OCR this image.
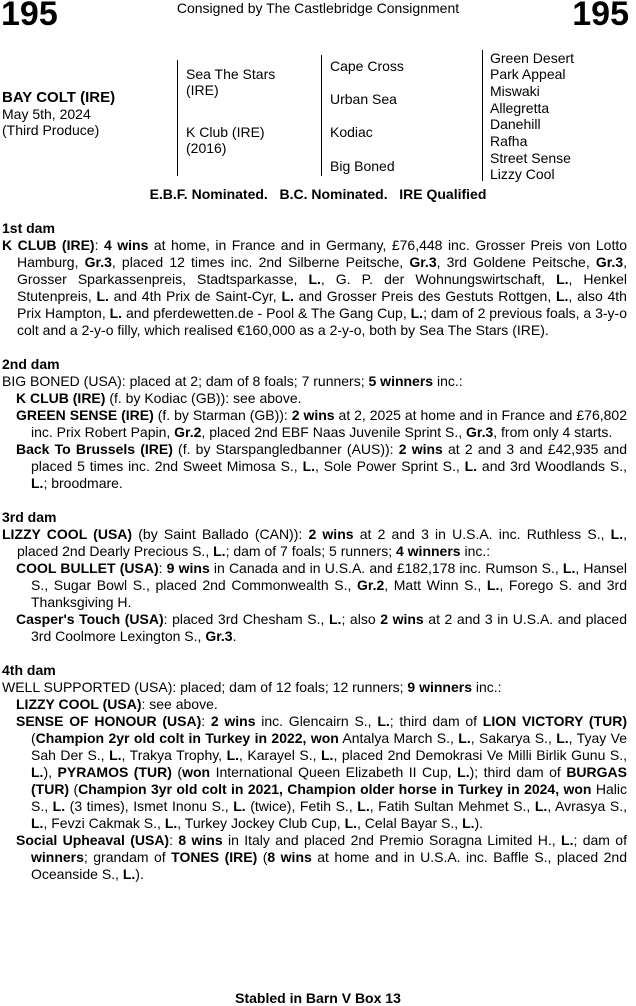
195	Consigned by The Castlebridge Consignment	195
BAY COLT (IRE)
May 5th, 2024
(Third Produce)
Sea The Stars
(IRE)
K Club (IRE)
(2016)
Cape Cross
Urban Sea
Kodiac
Big Boned
Green Desert
Park Appeal
Miswaki
Allegretta
Danehill
Rafha
Street Sense
Lizzy Cool
E.B.F. Nominated.   B.C. Nominated.   IRE Qualified
1st dam
K CLUB (IRE): 4 wins at home, in France and in Germany, £76,448 inc. Grosser Preis von Lotto Hamburg, Gr.3, placed 12 times inc. 2nd Silberne Peitsche, Gr.3, 3rd Goldene Peitsche, Gr.3, Grosser Sparkassenpreis, Stadtsparkasse, L., G. P. der Wohnungswirtschaft, L., Henkel Stutenpreis, L. and 4th Prix de Saint-Cyr, L. and Grosser Preis des Gestuts Rottgen, L., also 4th Prix Hampton, L. and pferdewetten.de - Pool & The Gang Cup, L.; dam of 2 previous foals, a 3-y-o colt and a 2-y-o filly, which realised €160,000 as a 2-y-o, both by Sea The Stars (IRE).
2nd dam
BIG BONED (USA): placed at 2; dam of 8 foals; 7 runners; 5 winners inc.:
K CLUB (IRE) (f. by Kodiac (GB)): see above.
GREEN SENSE (IRE) (f. by Starman (GB)): 2 wins at 2, 2025 at home and in France and £76,802 inc. Prix Robert Papin, Gr.2, placed 2nd EBF Naas Juvenile Sprint S., Gr.3, from only 4 starts.
Back To Brussels (IRE) (f. by Starspangledbanner (AUS)): 2 wins at 2 and 3 and £42,935 and placed 5 times inc. 2nd Sweet Mimosa S., L., Sole Power Sprint S., L. and 3rd Woodlands S., L.; broodmare.
3rd dam
LIZZY COOL (USA) (by Saint Ballado (CAN)): 2 wins at 2 and 3 in U.S.A. inc. Ruthless S., L., placed 2nd Dearly Precious S., L.; dam of 7 foals; 5 runners; 4 winners inc.:
COOL BULLET (USA): 9 wins in Canada and in U.S.A. and £182,178 inc. Rumson S., L., Hansel S., Sugar Bowl S., placed 2nd Commonwealth S., Gr.2, Matt Winn S., L., Forego S. and 3rd Thanksgiving H.
Casper's Touch (USA): placed 3rd Chesham S., L.; also 2 wins at 2 and 3 in U.S.A. and placed 3rd Coolmore Lexington S., Gr.3.
4th dam
WELL SUPPORTED (USA): placed; dam of 12 foals; 12 runners; 9 winners inc.:
LIZZY COOL (USA): see above.
SENSE OF HONOUR (USA): 2 wins inc. Glencairn S., L.; third dam of LION VICTORY (TUR) (Champion 2yr old colt in Turkey in 2022, won Antalya March S., L., Sakarya S., L., Tyay Ve Sah Der S., L., Trakya Trophy, L., Karayel S., L., placed 2nd Demokrasi Ve Milli Birlik Gunu S., L.), PYRAMOS (TUR) (won International Queen Elizabeth II Cup, L.); third dam of BURGAS (TUR) (Champion 3yr old colt in 2021, Champion older horse in Turkey in 2024, won Halic S., L. (3 times), Ismet Inonu S., L. (twice), Fetih S., L., Fatih Sultan Mehmet S., L., Avrasya S., L., Fevzi Cakmak S., L., Turkey Jockey Club Cup, L., Celal Bayar S., L.).
Social Upheaval (USA): 8 wins in Italy and placed 2nd Premio Soragna Limited H., L.; dam of winners; grandam of TONES (IRE) (8 wins at home and in U.S.A. inc. Baffle S., placed 2nd Oceanside S., L.).
Stabled in Barn V Box 13
